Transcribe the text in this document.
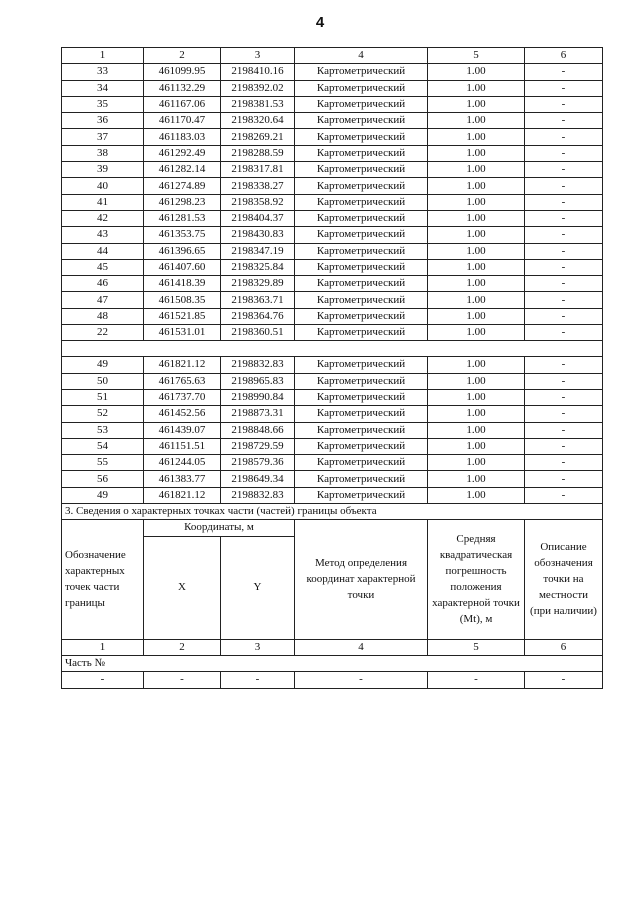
4
1	2	3	4	5	6
33	461099.95	2198410.16	Картометрический	1.00	-
34	461132.29	2198392.02	Картометрический	1.00	-
35	461167.06	2198381.53	Картометрический	1.00	-
36	461170.47	2198320.64	Картометрический	1.00	-
37	461183.03	2198269.21	Картометрический	1.00	-
38	461292.49	2198288.59	Картометрический	1.00	-
39	461282.14	2198317.81	Картометрический	1.00	-
40	461274.89	2198338.27	Картометрический	1.00	-
41	461298.23	2198358.92	Картометрический	1.00	-
42	461281.53	2198404.37	Картометрический	1.00	-
43	461353.75	2198430.83	Картометрический	1.00	-
44	461396.65	2198347.19	Картометрический	1.00	-
45	461407.60	2198325.84	Картометрический	1.00	-
46	461418.39	2198329.89	Картометрический	1.00	-
47	461508.35	2198363.71	Картометрический	1.00	-
48	461521.85	2198364.76	Картометрический	1.00	-
22	461531.01	2198360.51	Картометрический	1.00	-

49	461821.12	2198832.83	Картометрический	1.00	-
50	461765.63	2198965.83	Картометрический	1.00	-
51	461737.70	2198990.84	Картометрический	1.00	-
52	461452.56	2198873.31	Картометрический	1.00	-
53	461439.07	2198848.66	Картометрический	1.00	-
54	461151.51	2198729.59	Картометрический	1.00	-
55	461244.05	2198579.36	Картометрический	1.00	-
56	461383.77	2198649.34	Картометрический	1.00	-
49	461821.12	2198832.83	Картометрический	1.00	-
3. Сведения о характерных точках части (частей) границы объекта					
Обозначение характерных точек части границы	Координаты, м		Метод определения координат характерной точки	Средняя квадратическая погрешность положения характерной точки (Mt), м	Описание обозначения точки на местности (при наличии)
	X	Y			
1	2	3	4	5	6
Часть №					
-	-	-	-	-	-
